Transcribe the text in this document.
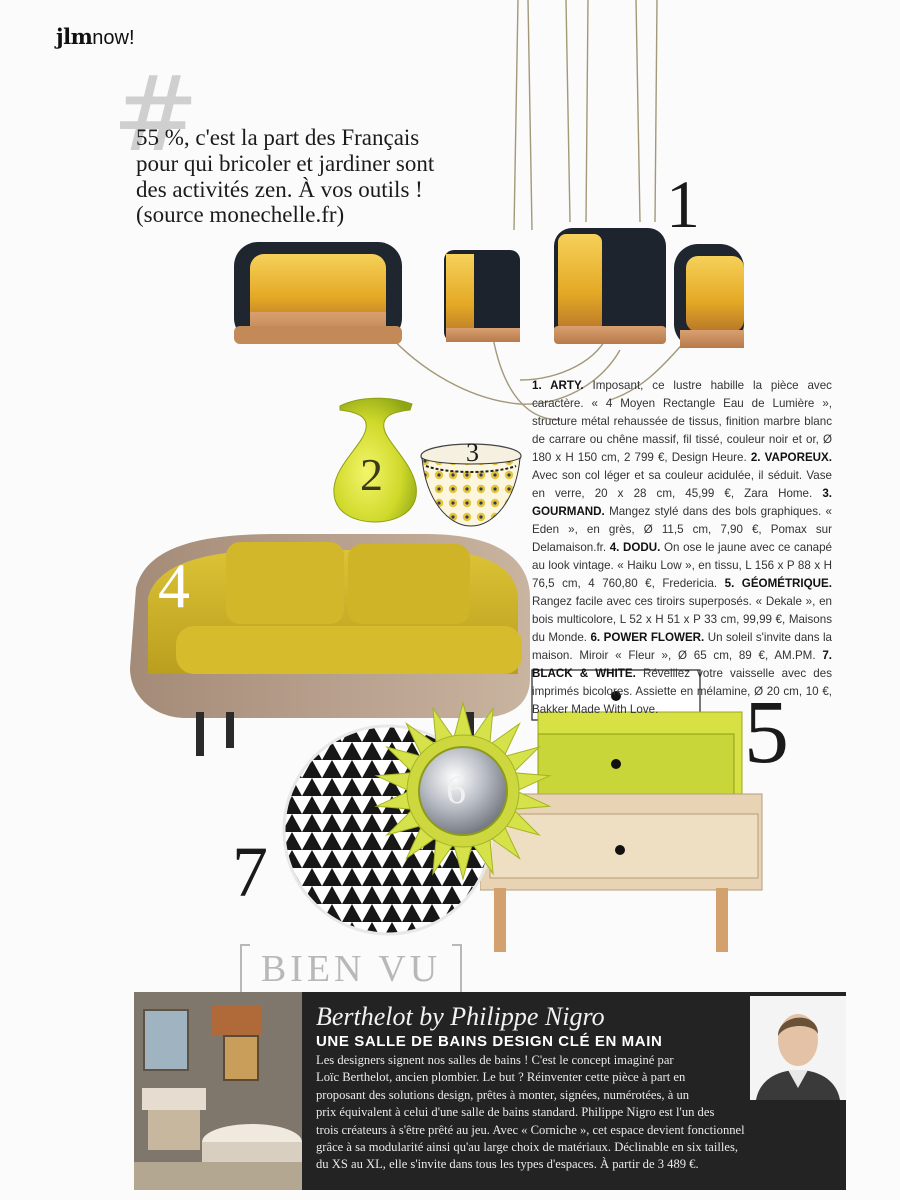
jlmnow!
#
55 %, c'est la part des Français
pour qui bricoler et jardiner sont
des activités zen. À vos outils !
(source monechelle.fr)	1
2	3
4
5
7
6
1. ARTY. Imposant, ce lustre habille la pièce avec caractère. « 4 Moyen Rectangle Eau de Lumière », structure métal rehaussée de tissus, finition marbre blanc de carrare ou chêne massif, fil tissé, couleur noir et or, Ø 180 x H 150 cm, 2 799 €, Design Heure. 2. VAPOREUX. Avec son col léger et sa couleur acidulée, il séduit. Vase en verre, 20 x 28 cm, 45,99 €, Zara Home. 3. GOURMAND. Mangez stylé dans des bols graphiques. « Eden », en grès, Ø 11,5 cm, 7,90 €, Pomax sur Delamaison.fr. 4. DODU. On ose le jaune avec ce canapé au look vintage. « Haiku Low », en tissu, L 156 x P 88 x H 76,5 cm, 4 760,80 €, Fredericia. 5. GÉOMÉTRIQUE. Rangez facile avec ces tiroirs superposés. « Dekale », en bois multicolore, L 52 x H 51 x P 33 cm, 99,99 €, Maisons du Monde. 6. POWER FLOWER. Un soleil s'invite dans la maison. Miroir « Fleur », Ø 65 cm, 89 €, AM.PM. 7. BLACK & WHITE. Réveillez votre vaisselle avec des imprimés bicolores. Assiette en mélamine, Ø 20 cm, 10 €, Bakker Made With Love.
BIEN VU
Berthelot by Philippe Nigro
UNE SALLE DE BAINS DESIGN CLÉ EN MAIN
Les designers signent nos salles de bains ! C'est le concept imaginé par
Loïc Berthelot, ancien plombier. Le but ? Réinventer cette pièce à part en
proposant des solutions design, prêtes à monter, signées, numérotées, à un
prix équivalent à celui d'une salle de bains standard. Philippe Nigro est l'un des
trois créateurs à s'être prêté au jeu. Avec « Corniche », cet espace devient fonctionnel
grâce à sa modularité ainsi qu'au large choix de matériaux. Déclinable en six tailles,
du XS au XL, elle s'invite dans tous les types d'espaces. À partir de 3 489 €.
